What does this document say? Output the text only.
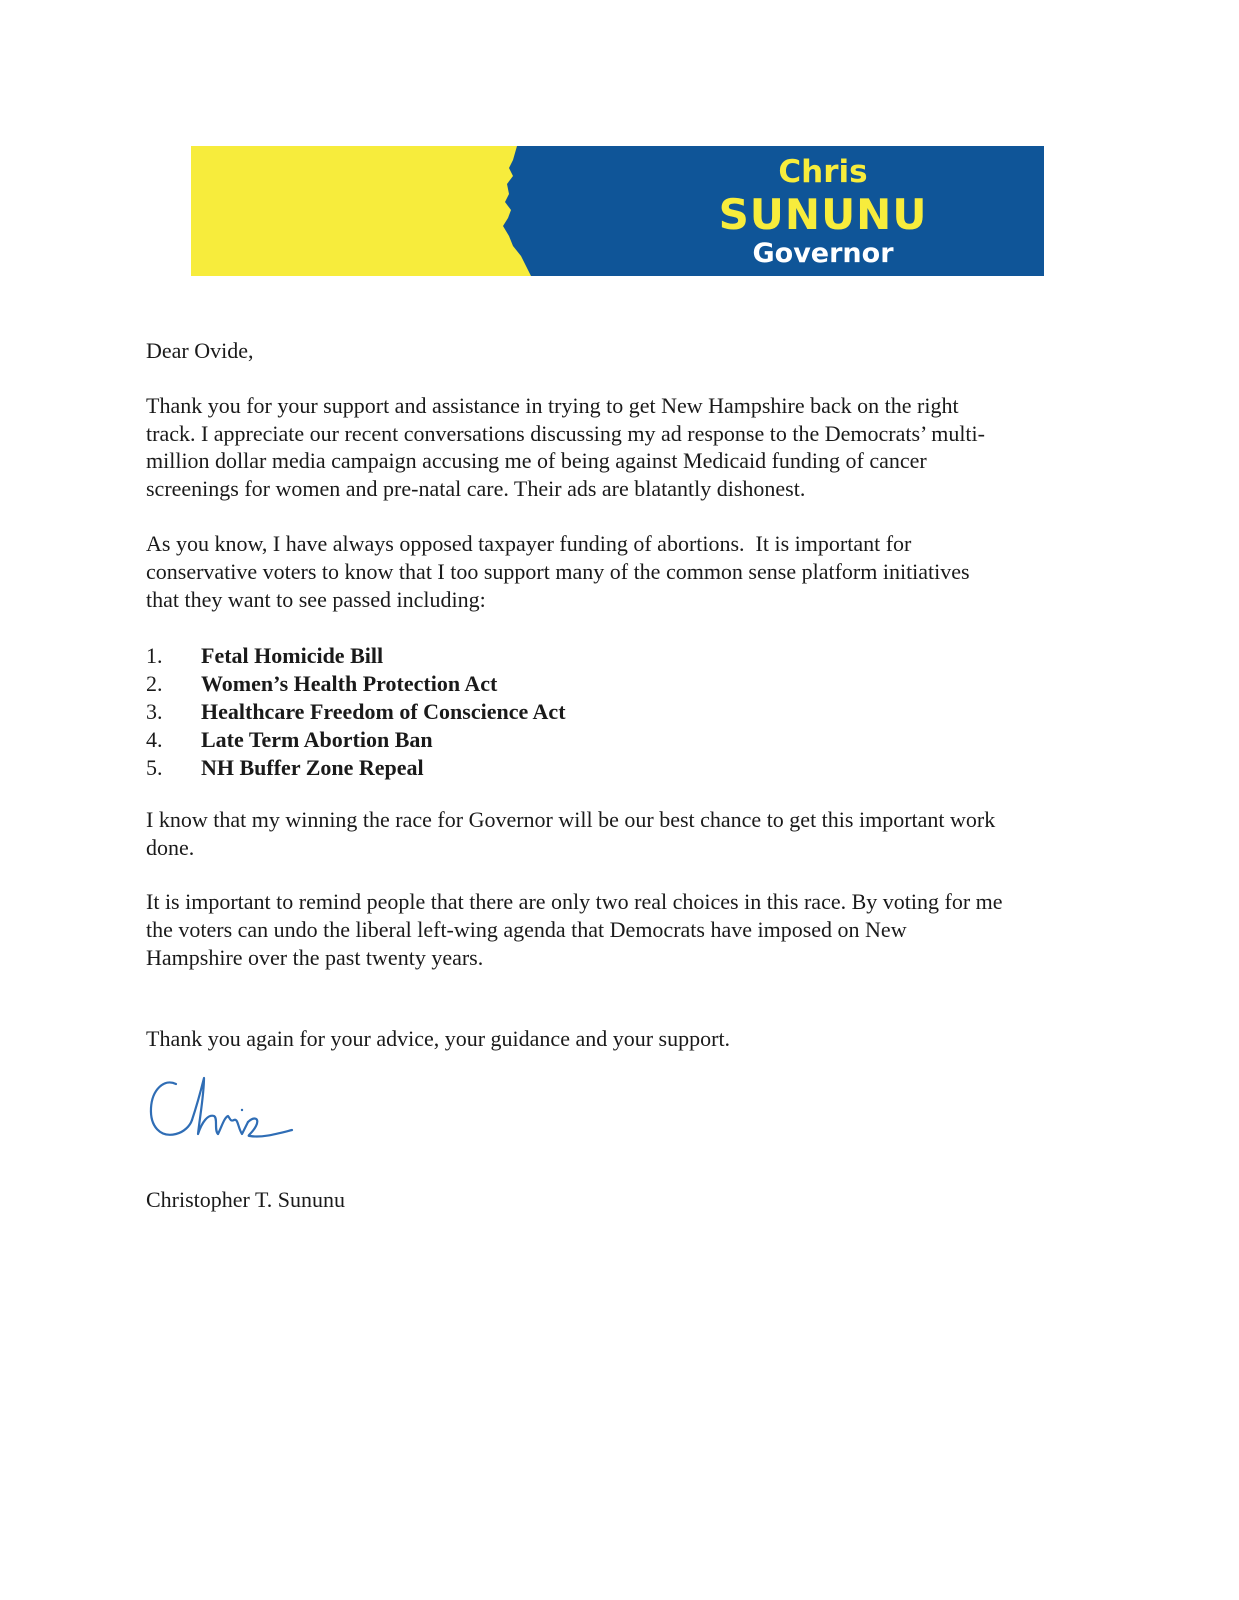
Chris
SUNUNU
Governor
Dear Ovide,
Thank you for your support and assistance in trying to get New Hampshire back on the right
track. I appreciate our recent conversations discussing my ad response to the Democrats’ multi-
million dollar media campaign accusing me of being against Medicaid funding of cancer
screenings for women and pre-natal care. Their ads are blatantly dishonest.
As you know, I have always opposed taxpayer funding of abortions.  It is important for
conservative voters to know that I too support many of the common sense platform initiatives
that they want to see passed including:
1. Fetal Homicide Bill
2. Women’s Health Protection Act
3. Healthcare Freedom of Conscience Act
4. Late Term Abortion Ban
5. NH Buffer Zone Repeal
I know that my winning the race for Governor will be our best chance to get this important work
done.
It is important to remind people that there are only two real choices in this race. By voting for me
the voters can undo the liberal left-wing agenda that Democrats have imposed on New
Hampshire over the past twenty years.
Thank you again for your advice, your guidance and your support.
Christopher T. Sununu
